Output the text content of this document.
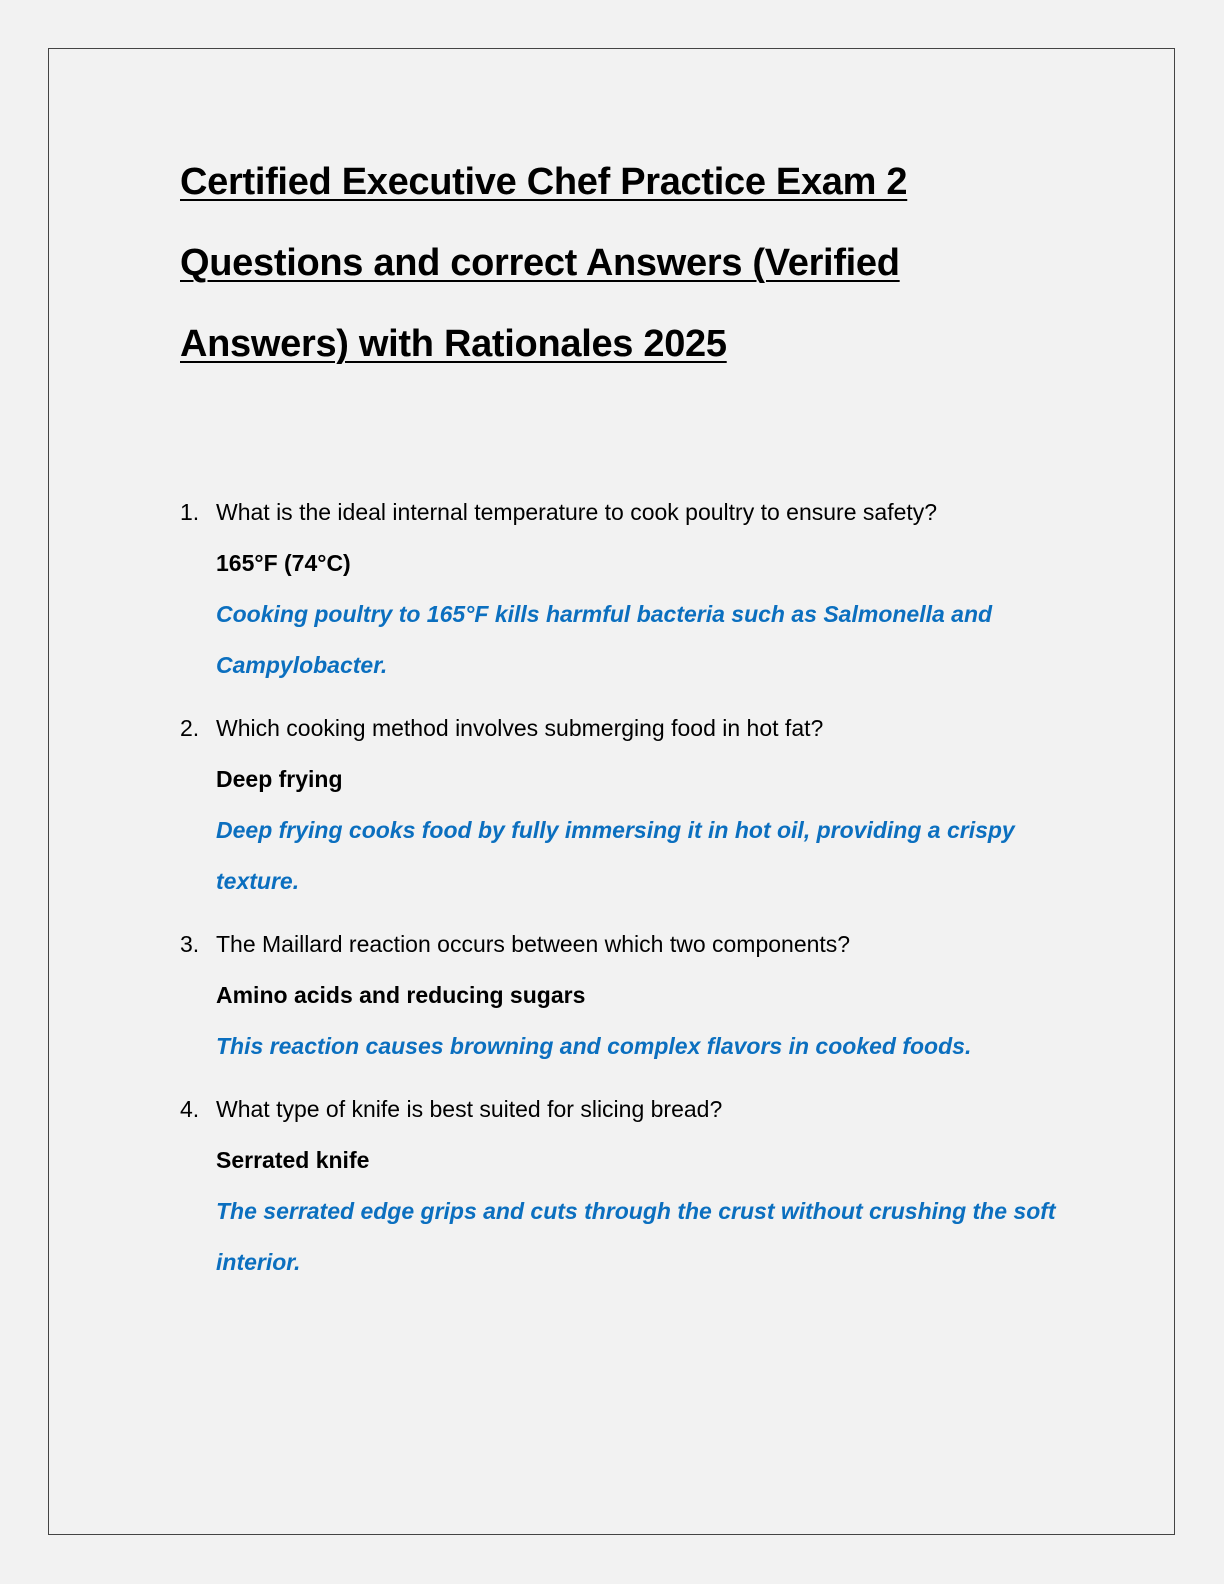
Certified Executive Chef Practice Exam 2
Questions and correct Answers (Verified
Answers) with Rationales 2025
1. What is the ideal internal temperature to cook poultry to ensure safety?

165°F (74°C)

Cooking poultry to 165°F kills harmful bacteria such as Salmonella and Campylobacter.

2. Which cooking method involves submerging food in hot fat?

Deep frying

Deep frying cooks food by fully immersing it in hot oil, providing a crispy texture.

3. The Maillard reaction occurs between which two components?

Amino acids and reducing sugars

This reaction causes browning and complex flavors in cooked foods.

4. What type of knife is best suited for slicing bread?

Serrated knife

The serrated edge grips and cuts through the crust without crushing the soft interior.
